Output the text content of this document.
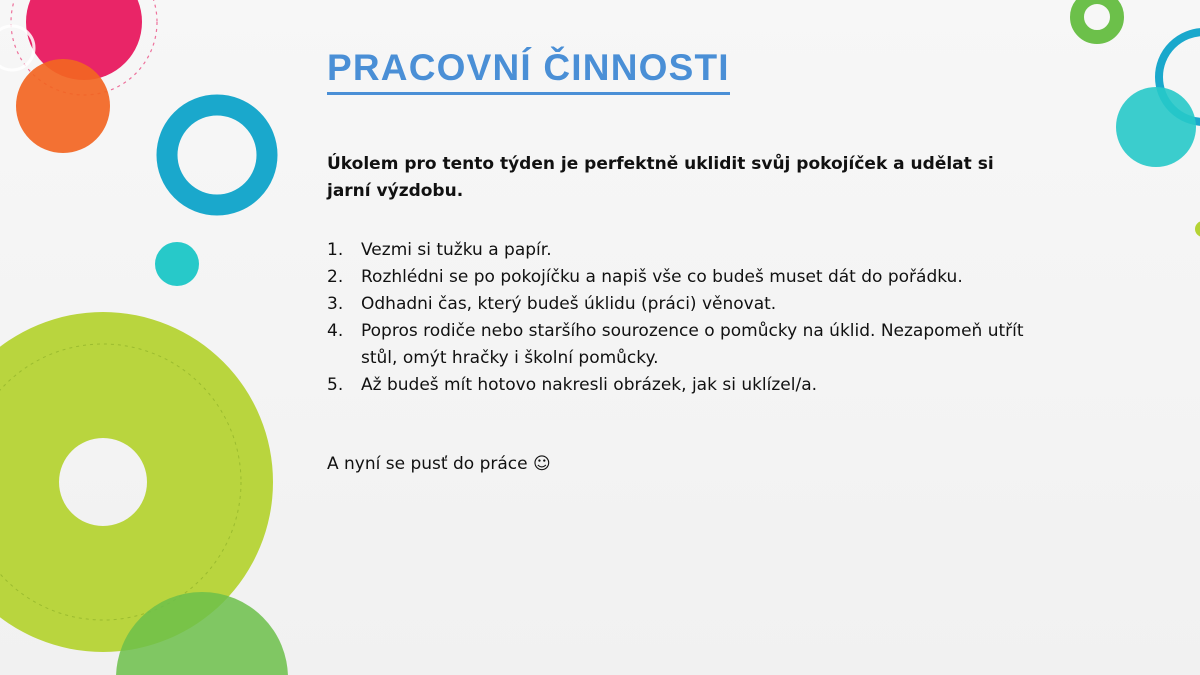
PRACOVNÍ ČINNOSTI

Úkolem pro tento týden je perfektně uklidit svůj pokojíček a udělat si jarní výzdobu.

1. Vezmi si tužku a papír.
2. Rozhlédni se po pokojíčku a napiš vše co budeš muset dát do pořádku.
3. Odhadni čas, který budeš úklidu (práci) věnovat.
4. Popros rodiče nebo staršího sourozence o pomůcky na úklid. Nezapomeň utřít stůl, omýt hračky i školní pomůcky.
5. Až budeš mít hotovo nakresli obrázek, jak si uklízel/a.

A nyní se pusť do práce ☺
